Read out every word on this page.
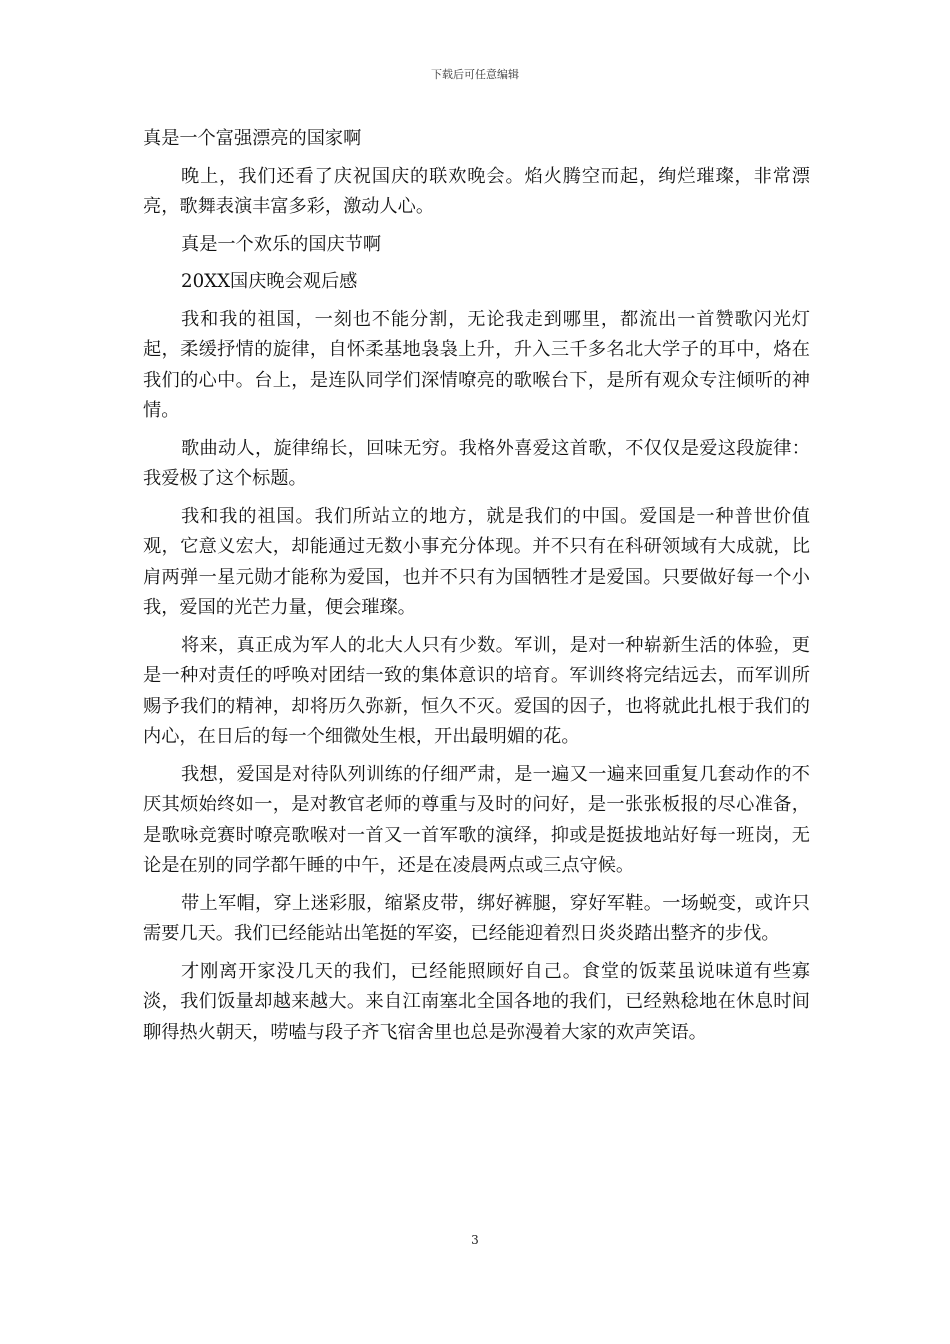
下载后可任意编辑

真是一个富强漂亮的国家啊

晚上，我们还看了庆祝国庆的联欢晚会。焰火腾空而起，绚烂璀璨，非常漂亮，歌舞表演丰富多彩，激动人心。

真是一个欢乐的国庆节啊

20XX国庆晚会观后感

我和我的祖国，一刻也不能分割，无论我走到哪里，都流出一首赞歌闪光灯起，柔缓抒情的旋律，自怀柔基地袅袅上升，升入三千多名北大学子的耳中，烙在我们的心中。台上，是连队同学们深情嘹亮的歌喉台下，是所有观众专注倾听的神情。

歌曲动人，旋律绵长，回味无穷。我格外喜爱这首歌，不仅仅是爱这段旋律：我爱极了这个标题。

我和我的祖国。我们所站立的地方，就是我们的中国。爱国是一种普世价值观，它意义宏大，却能通过无数小事充分体现。并不只有在科研领域有大成就，比肩两弹一星元勋才能称为爱国，也并不只有为国牺牲才是爱国。只要做好每一个小我，爱国的光芒力量，便会璀璨。

将来，真正成为军人的北大人只有少数。军训，是对一种崭新生活的体验，更是一种对责任的呼唤对团结一致的集体意识的培育。军训终将完结远去，而军训所赐予我们的精神，却将历久弥新，恒久不灭。爱国的因子，也将就此扎根于我们的内心，在日后的每一个细微处生根，开出最明媚的花。

我想，爱国是对待队列训练的仔细严肃，是一遍又一遍来回重复几套动作的不厌其烦始终如一，是对教官老师的尊重与及时的问好，是一张张板报的尽心准备，是歌咏竞赛时嘹亮歌喉对一首又一首军歌的演绎，抑或是挺拔地站好每一班岗，无论是在别的同学都午睡的中午，还是在凌晨两点或三点守候。

带上军帽，穿上迷彩服，缩紧皮带，绑好裤腿，穿好军鞋。一场蜕变，或许只需要几天。我们已经能站出笔挺的军姿，已经能迎着烈日炎炎踏出整齐的步伐。

才刚离开家没几天的我们，已经能照顾好自己。食堂的饭菜虽说味道有些寡淡，我们饭量却越来越大。来自江南塞北全国各地的我们，已经熟稔地在休息时间聊得热火朝天，唠嗑与段子齐飞宿舍里也总是弥漫着大家的欢声笑语。

3
